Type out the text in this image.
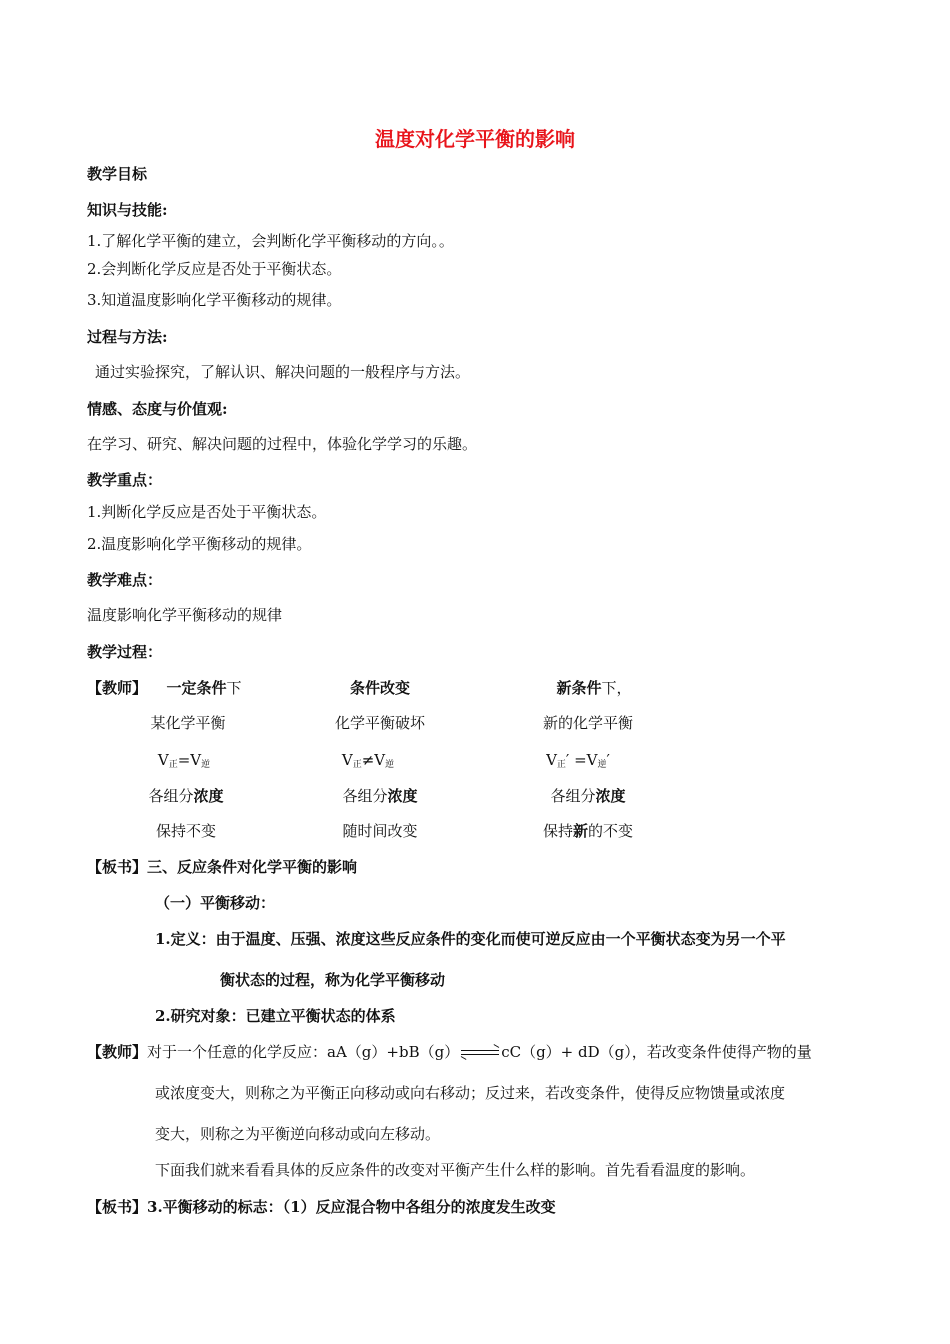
温度对化学平衡的影响
教学目标
知识与技能:
1.了解化学平衡的建立，会判断化学平衡移动的方向。。
2.会判断化学反应是否处于平衡状态。
3.知道温度影响化学平衡移动的规律。
过程与方法:
通过实验探究，了解认识、解决问题的一般程序与方法。
情感、态度与价值观:
在学习、研究、解决问题的过程中，体验化学学习的乐趣。
教学重点：
1.判断化学反应是否处于平衡状态。
2.温度影响化学平衡移动的规律。
教学难点：
温度影响化学平衡移动的规律
教学过程：
【教师】	一定条件下	条件改变	新条件下，
某化学平衡	化学平衡破坏	新的化学平衡
$V_正=V_逆$	$V_正\ne V_逆$	$V_正' =V_逆'$
各组分浓度	各组分浓度	各组分浓度
保持不变	随时间改变	保持新的不变
【板书】三、反应条件对化学平衡的影响
（一）平衡移动：
1.定义：由于温度、压强、浓度这些反应条件的变化而使可逆反应由一个平衡状态变为另一个平
衡状态的过程，称为化学平衡移动
2.研究对象：已建立平衡状态的体系
【教师】对于一个任意的化学反应：aA（g）+bB（g）	cC（g）+ dD（g），若改变条件使得产物的量
或浓度变大，则称之为平衡正向移动或向右移动；反过来，若改变条件，使得反应物馈量或浓度
变大，则称之为平衡逆向移动或向左移动。
下面我们就来看看具体的反应条件的改变对平衡产生什么样的影响。首先看看温度的影响。
【板书】3.平衡移动的标志：（1）反应混合物中各组分的浓度发生改变
